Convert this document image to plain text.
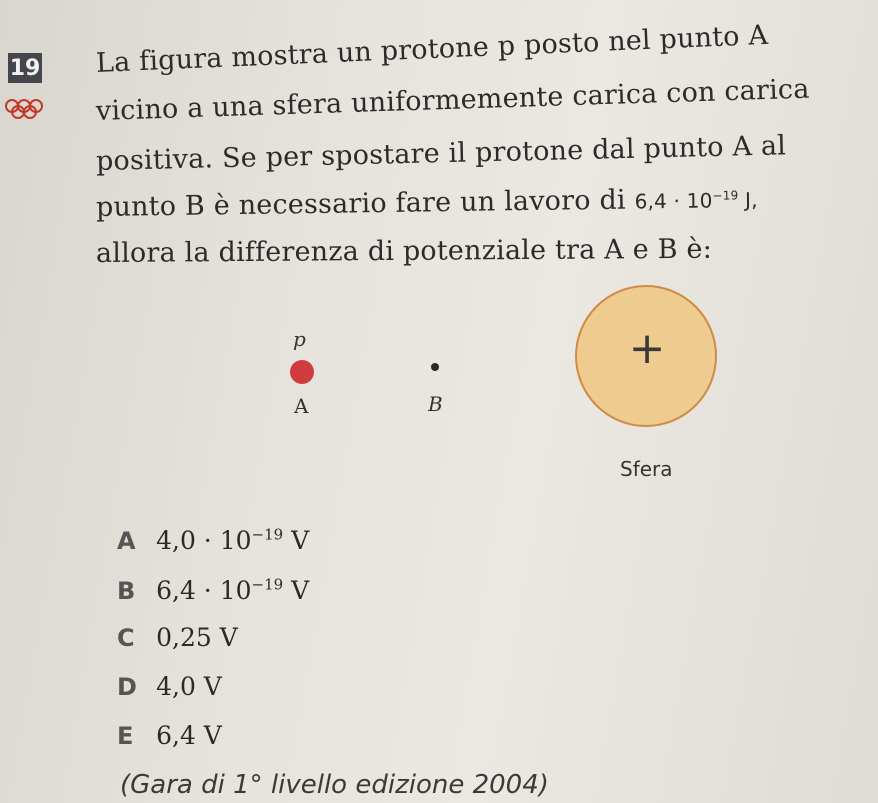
19 La figura mostra un protone p posto nel punto A
vicino a una sfera uniformemente carica con carica
positiva. Se per spostare il protone dal punto A al
punto B è necessario fare un lavoro di $6,4 \cdot 10^{-19}$ J,
allora la differenza di potenziale tra A e B è:
p
A	B
+
Sfera
A $4,0 \cdot 10^{-19}$ V
B $6,4 \cdot 10^{-19}$ V
C 0,25 V
D 4,0 V
E 6,4 V
(Gara di 1° livello edizione 2004)
